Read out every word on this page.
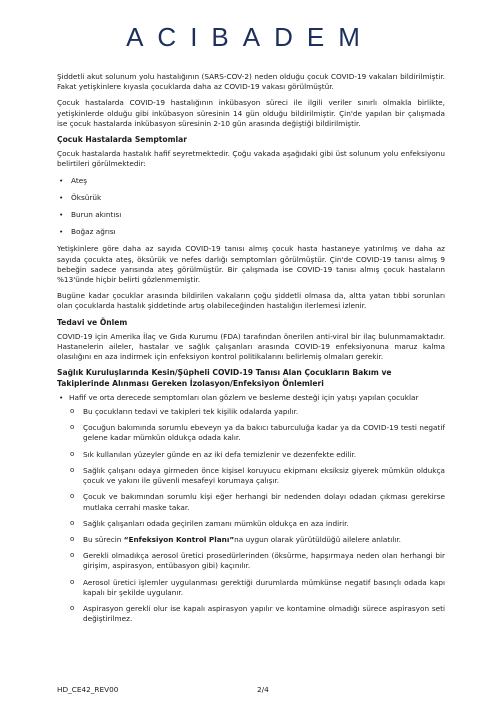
ACIBADEM

Şiddetli akut solunum yolu hastalığının (SARS-COV-2) neden olduğu çocuk COVID-19 vakaları bildirilmiştir. Fakat yetişkinlere kıyasla çocuklarda daha az COVID-19 vakası görülmüştür.

Çocuk hastalarda COVID-19 hastalığının inkübasyon süreci ile ilgili veriler sınırlı olmakla birlikte, yetişkinlerde olduğu gibi inkübasyon süresinin 14 gün olduğu bildirilmiştir. Çin'de yapılan bir çalışmada ise çocuk hastalarda inkübasyon süresinin 2-10 gün arasında değiştiği bildirilmiştir.

Çocuk Hastalarda Semptomlar

Çocuk hastalarda hastalık hafif seyretmektedir. Çoğu vakada aşağıdaki gibi üst solunum yolu enfeksiyonu belirtileri görülmektedir:

• Ateş
• Öksürük
• Burun akıntısı
• Boğaz ağrısı

Yetişkinlere göre daha az sayıda COVID-19 tanısı almış çocuk hasta hastaneye yatırılmış ve daha az sayıda çocukta ateş, öksürük ve nefes darlığı semptomları görülmüştür. Çin'de COVID-19 tanısı almış 9 bebeğin sadece yarısında ateş görülmüştür. Bir çalışmada ise COVID-19 tanısı almış çocuk hastaların %13'ünde hiçbir belirti gözlenmemiştir.

Bugüne kadar çocuklar arasında bildirilen vakaların çoğu şiddetli olmasa da, altta yatan tıbbi sorunları olan çocuklarda hastalık şiddetinde artış olabileceğinden hastalığın ilerlemesi izlenir.

Tedavi ve Önlem

COVID-19 için Amerika İlaç ve Gıda Kurumu (FDA) tarafından önerilen anti-viral bir ilaç bulunmamaktadır. Hastanelerin aileler, hastalar ve sağlık çalışanları arasında COVID-19 enfeksiyonuna maruz kalma olasılığını en aza indirmek için enfeksiyon kontrol politikalarını belirlemiş olmaları gerekir.

Sağlık Kuruluşlarında Kesin/Şüpheli COVID-19 Tanısı Alan Çocukların Bakım ve Takiplerinde Alınması Gereken İzolasyon/Enfeksiyon Önlemleri
• Hafif ve orta derecede semptomları olan gözlem ve besleme desteği için yatışı yapılan çocuklar
o Bu çocukların tedavi ve takipleri tek kişilik odalarda yapılır.
o Çocuğun bakımında sorumlu ebeveyn ya da bakıcı taburculuğa kadar ya da COVID-19 testi negatif gelene kadar mümkün oldukça odada kalır.
o Sık kullanılan yüzeyler günde en az iki defa temizlenir ve dezenfekte edilir.
o Sağlık çalışanı odaya girmeden önce kişisel koruyucu ekipmanı eksiksiz giyerek mümkün oldukça çocuk ve yakını ile güvenli mesafeyi korumaya çalışır.
o Çocuk ve bakımından sorumlu kişi eğer herhangi bir nedenden dolayı odadan çıkması gerekirse mutlaka cerrahi maske takar.
o Sağlık çalışanları odada geçirilen zamanı mümkün oldukça en aza indirir.
o Bu sürecin “Enfeksiyon Kontrol Planı”na uygun olarak yürütüldüğü ailelere anlatılır.
o Gerekli olmadıkça aerosol üretici prosedürlerinden (öksürme, hapşırmaya neden olan herhangi bir girişim, aspirasyon, entübasyon gibi) kaçınılır.
o Aerosol üretici işlemler uygulanması gerektiği durumlarda mümkünse negatif basınçlı odada kapı kapalı bir şekilde uygulanır.
o Aspirasyon gerekli olur ise kapalı aspirasyon yapılır ve kontamine olmadığı sürece aspirasyon seti değiştirilmez.
HD_CE42_REV00	2/4
